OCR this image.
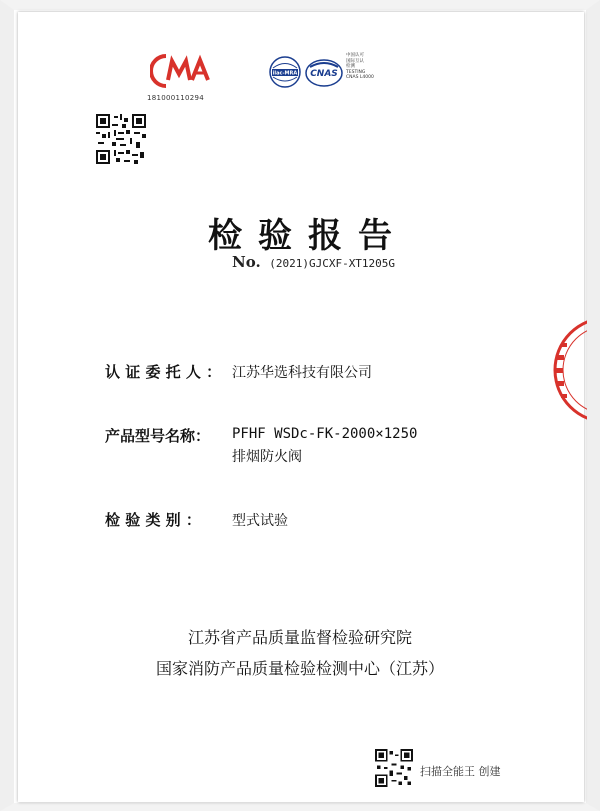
181000110294
ilac-MRA CNAS
中国认可
国际互认
检测
TESTING
CNAS L4000
检验报告
No. (2021)GJCXF-XT1205G
认 证 委 托 人 ： 江苏华选科技有限公司
产品型号名称： PFHF WSDc-FK-2000×1250
排烟防火阀
检 验 类 别 ： 型式试验
江苏省产品质量监督检验研究院
国家消防产品质量检验检测中心（江苏）
扫描全能王 创建
